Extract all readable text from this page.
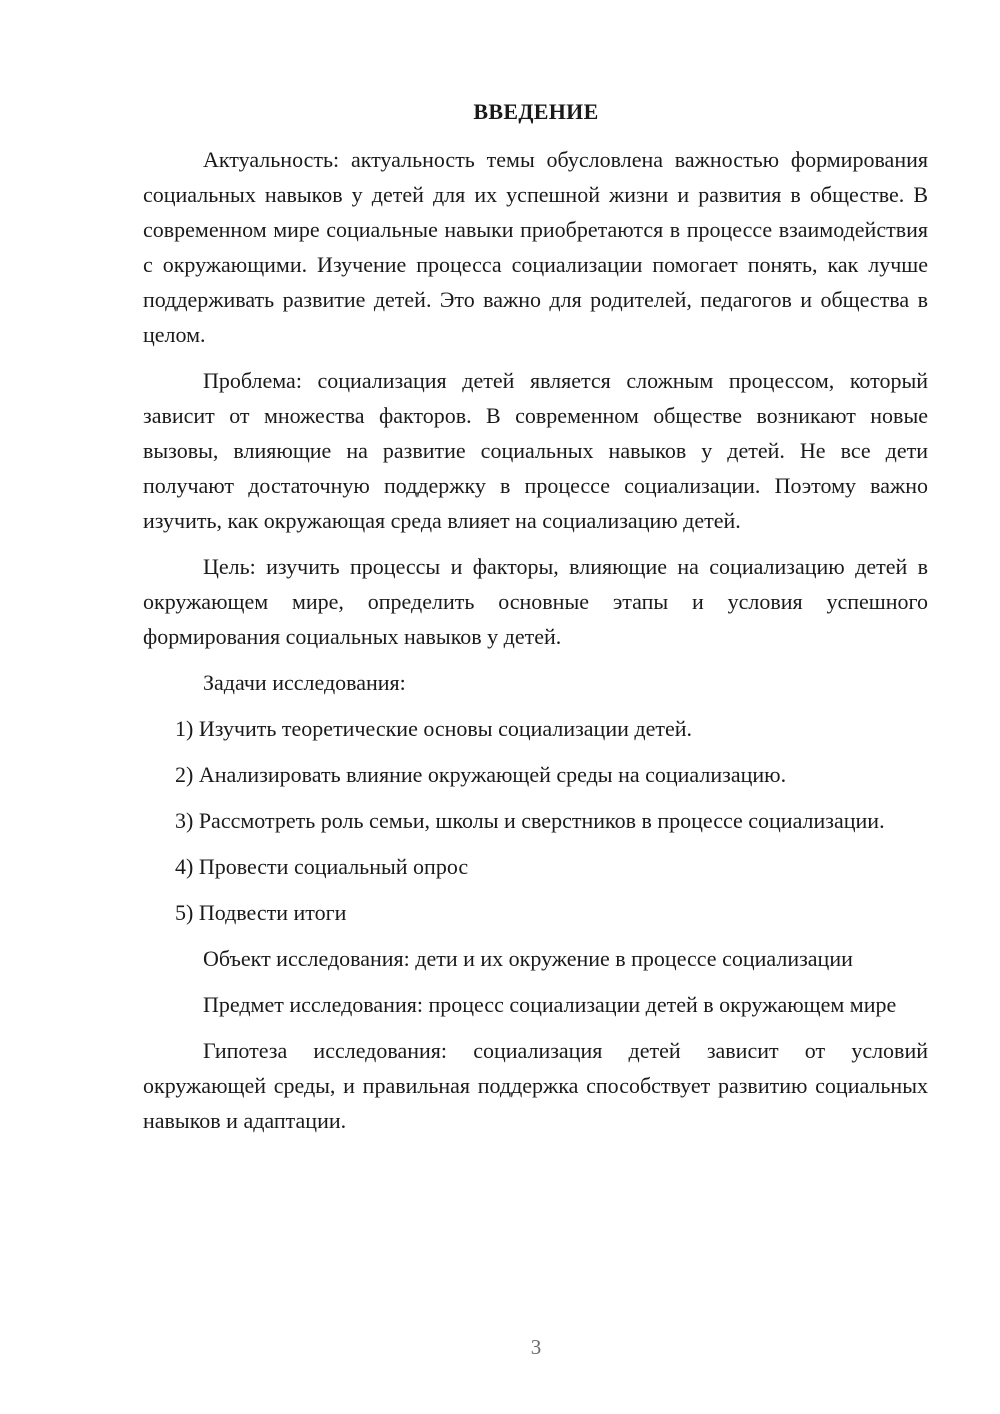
ВВЕДЕНИЕ

Актуальность: актуальность темы обусловлена важностью формирования социальных навыков у детей для их успешной жизни и развития в обществе. В современном мире социальные навыки приобретаются в процессе взаимодействия с окружающими. Изучение процесса социализации помогает понять, как лучше поддерживать развитие детей. Это важно для родителей, педагогов и общества в целом.

Проблема: социализация детей является сложным процессом, который зависит от множества факторов. В современном обществе возникают новые вызовы, влияющие на развитие социальных навыков у детей. Не все дети получают достаточную поддержку в процессе социализации. Поэтому важно изучить, как окружающая среда влияет на социализацию детей.

Цель: изучить процессы и факторы, влияющие на социализацию детей в окружающем мире, определить основные этапы и условия успешного формирования социальных навыков у детей.

Задачи исследования:

1) Изучить теоретические основы социализации детей.

2) Анализировать влияние окружающей среды на социализацию.

3) Рассмотреть роль семьи, школы и сверстников в процессе социализации.

4) Провести социальный опрос

5) Подвести итоги

Объект исследования: дети и их окружение в процессе социализации

Предмет исследования: процесс социализации детей в окружающем мире

Гипотеза исследования: социализация детей зависит от условий окружающей среды, и правильная поддержка способствует развитию социальных навыков и адаптации.

3
